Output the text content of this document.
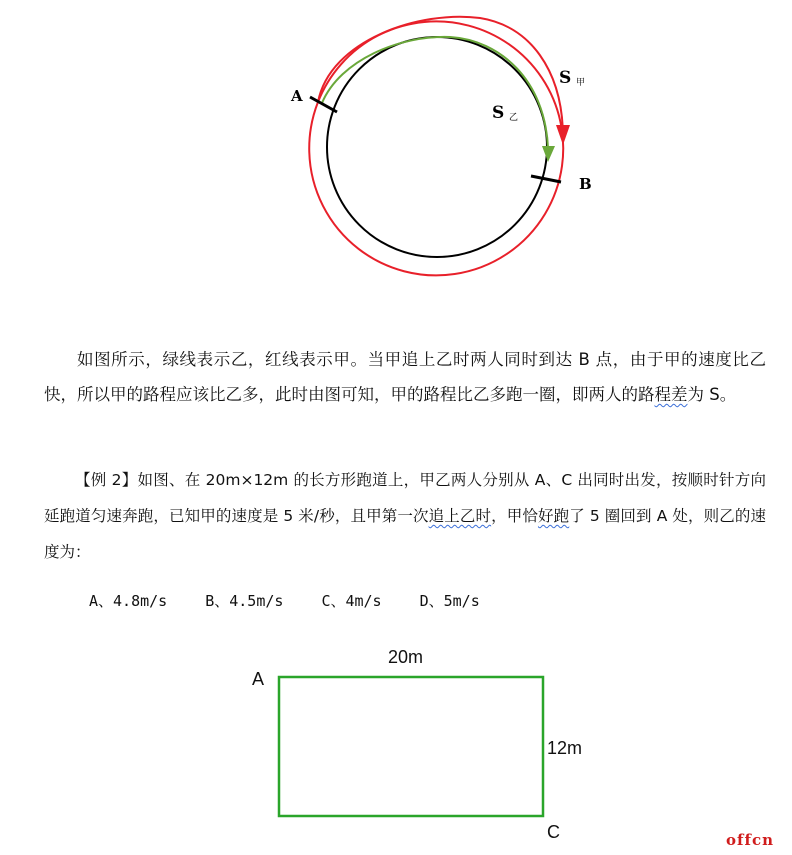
A
B
S 甲
S 乙

如图所示，绿线表示乙，红线表示甲。当甲追上乙时两人同时到达 B 点，由于甲的速度比乙快，所以甲的路程应该比乙多，此时由图可知，甲的路程比乙多跑一圈，即两人的路程差为 S。

【例 2】如图、在 20m×12m 的长方形跑道上，甲乙两人分别从 A、C 出同时出发，按顺时针方向延跑道匀速奔跑，已知甲的速度是 5 米/秒，且甲第一次追上乙时，甲恰好跑了 5 圈回到 A 处，则乙的速度为：

A、4.8m/s	B、4.5m/s	C、4m/s	D、5m/s
20m
12m
A
C	offcn
